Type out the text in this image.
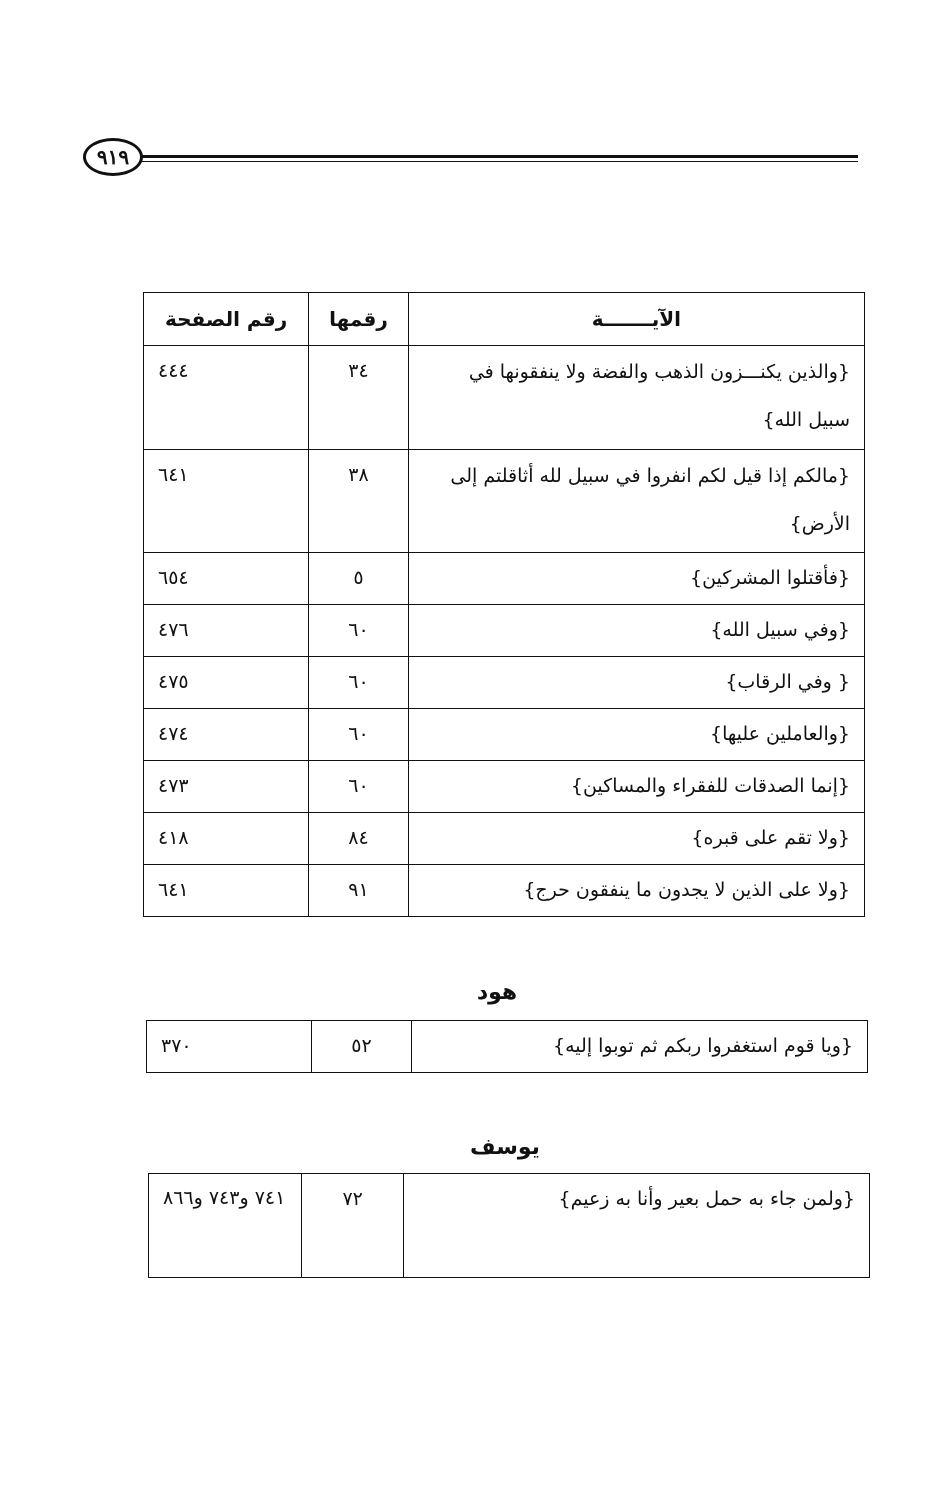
٩١٩
الآيـــــــة	رقمها	رقم الصفحة
{والذين يكنـــزون الذهب والفضة ولا ينفقونها في سبيل الله}	٣٤	٤٤٤
{مالكم إذا قيل لكم انفروا في سبيل لله أثاقلتم إلى الأرض}	٣٨	٦٤١
{فأقتلوا المشركين}	٥	٦٥٤
{وفي سبيل الله}	٦٠	٤٧٦
{ وفي الرقاب}	٦٠	٤٧٥
{والعاملين عليها}	٦٠	٤٧٤
{إنما الصدقات للفقراء والمساكين}	٦٠	٤٧٣
{ولا تقم على قبره}	٨٤	٤١٨
{ولا على الذين لا يجدون ما ينفقون حرج}	٩١	٦٤١
هود
{ويا قوم استغفروا ربكم ثم توبوا إليه}	٥٢	٣٧٠
يوسف
{ولمن جاء به حمل بعير وأنا به زعيم}	٧٢	٧٤١ و٧٤٣ و٨٦٦
